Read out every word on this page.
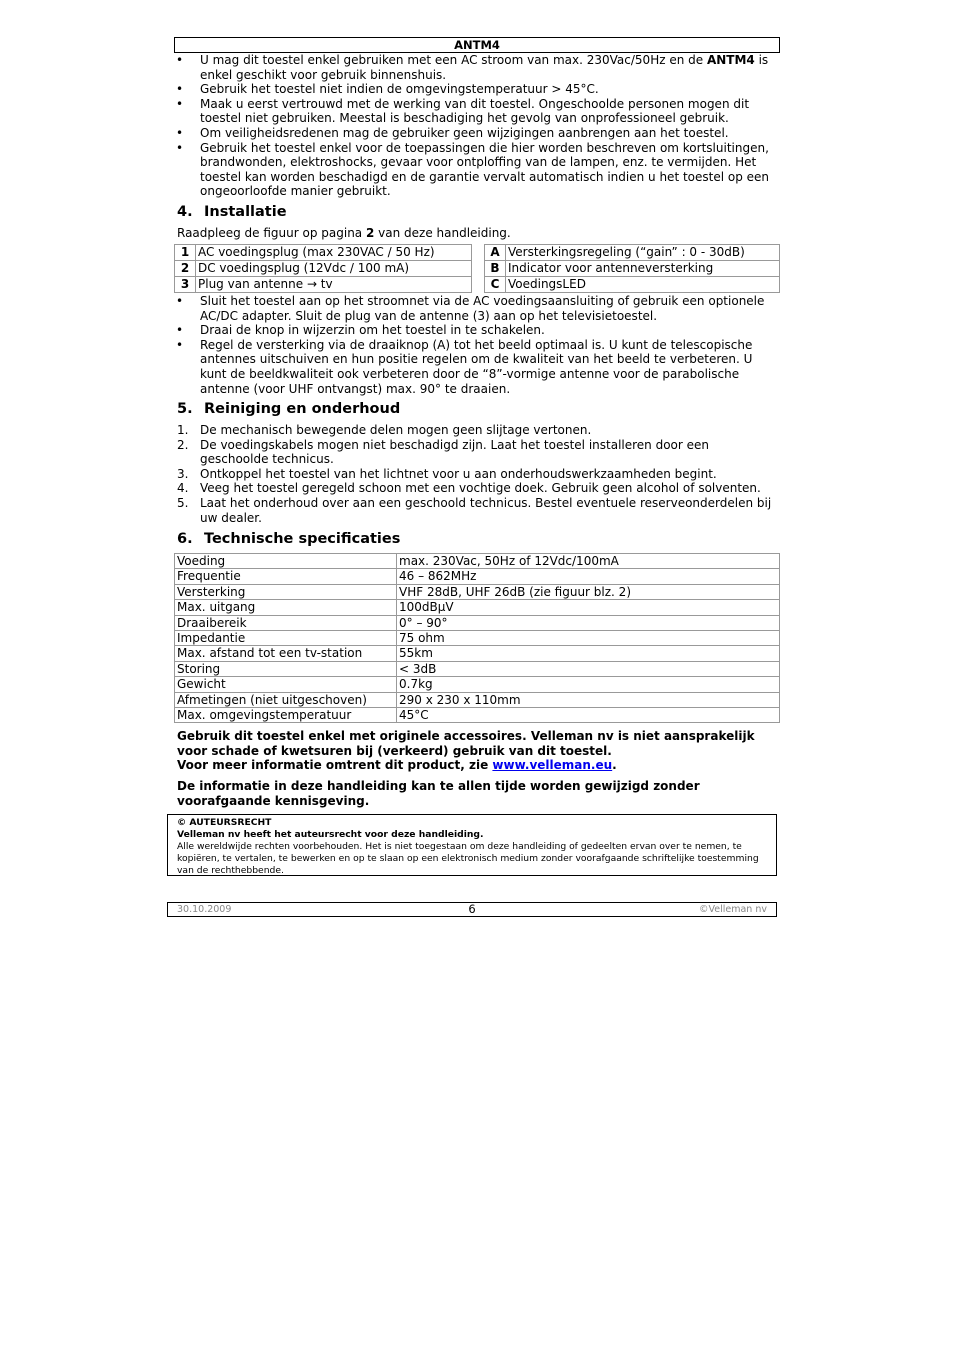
ANTM4
• U mag dit toestel enkel gebruiken met een AC stroom van max. 230Vac/50Hz en de ANTM4 is enkel geschikt voor gebruik binnenshuis.
• Gebruik het toestel niet indien de omgevingstemperatuur > 45°C.
• Maak u eerst vertrouwd met de werking van dit toestel. Ongeschoolde personen mogen dit toestel niet gebruiken. Meestal is beschadiging het gevolg van onprofessioneel gebruik.
• Om veiligheidsredenen mag de gebruiker geen wijzigingen aanbrengen aan het toestel.
• Gebruik het toestel enkel voor de toepassingen die hier worden beschreven om kortsluitingen, brandwonden, elektroshocks, gevaar voor ontploffing van de lampen, enz. te vermijden. Het toestel kan worden beschadigd en de garantie vervalt automatisch indien u het toestel op een ongeoorloofde manier gebruikt.
4. Installatie
Raadpleeg de figuur op pagina 2 van deze handleiding.
1	AC voedingsplug (max 230VAC / 50 Hz)
2	DC voedingsplug (12Vdc / 100 mA)
3	Plug van antenne → tv
A	Versterkingsregeling (“gain” : 0 - 30dB)
B	Indicator voor antenneversterking
C	VoedingsLED
• Sluit het toestel aan op het stroomnet via de AC voedingsaansluiting of gebruik een optionele AC/DC adapter. Sluit de plug van de antenne (3) aan op het televisietoestel.
• Draai de knop in wijzerzin om het toestel in te schakelen.
• Regel de versterking via de draaiknop (A) tot het beeld optimaal is. U kunt de telescopische antennes uitschuiven en hun positie regelen om de kwaliteit van het beeld te verbeteren. U kunt de beeldkwaliteit ook verbeteren door de “8”-vormige antenne voor de parabolische antenne (voor UHF ontvangst) max. 90° te draaien.
5. Reiniging en onderhoud
1. De mechanisch bewegende delen mogen geen slijtage vertonen.
2. De voedingskabels mogen niet beschadigd zijn. Laat het toestel installeren door een geschoolde technicus.
3. Ontkoppel het toestel van het lichtnet voor u aan onderhoudswerkzaamheden begint.
4. Veeg het toestel geregeld schoon met een vochtige doek. Gebruik geen alcohol of solventen.
5. Laat het onderhoud over aan een geschoold technicus. Bestel eventuele reserveonderdelen bij uw dealer.
6. Technische specificaties
Voeding	max. 230Vac, 50Hz of 12Vdc/100mA
Frequentie	46 – 862MHz
Versterking	VHF 28dB, UHF 26dB (zie figuur blz. 2)
Max. uitgang	100dBµV
Draaibereik	0° – 90°
Impedantie	75 ohm
Max. afstand tot een tv-station	55km
Storing	< 3dB
Gewicht	0.7kg
Afmetingen (niet uitgeschoven)	290 x 230 x 110mm
Max. omgevingstemperatuur	45°C
Gebruik dit toestel enkel met originele accessoires. Velleman nv is niet aansprakelijk voor schade of kwetsuren bij (verkeerd) gebruik van dit toestel.
Voor meer informatie omtrent dit product, zie www.velleman.eu.
De informatie in deze handleiding kan te allen tijde worden gewijzigd zonder voorafgaande kennisgeving.
© AUTEURSRECHT
Velleman nv heeft het auteursrecht voor deze handleiding.
Alle wereldwijde rechten voorbehouden. Het is niet toegestaan om deze handleiding of gedeelten ervan over te nemen, te kopiëren, te vertalen, te bewerken en op te slaan op een elektronisch medium zonder voorafgaande schriftelijke toestemming van de rechthebbende.
30.10.2009	6	©Velleman nv
